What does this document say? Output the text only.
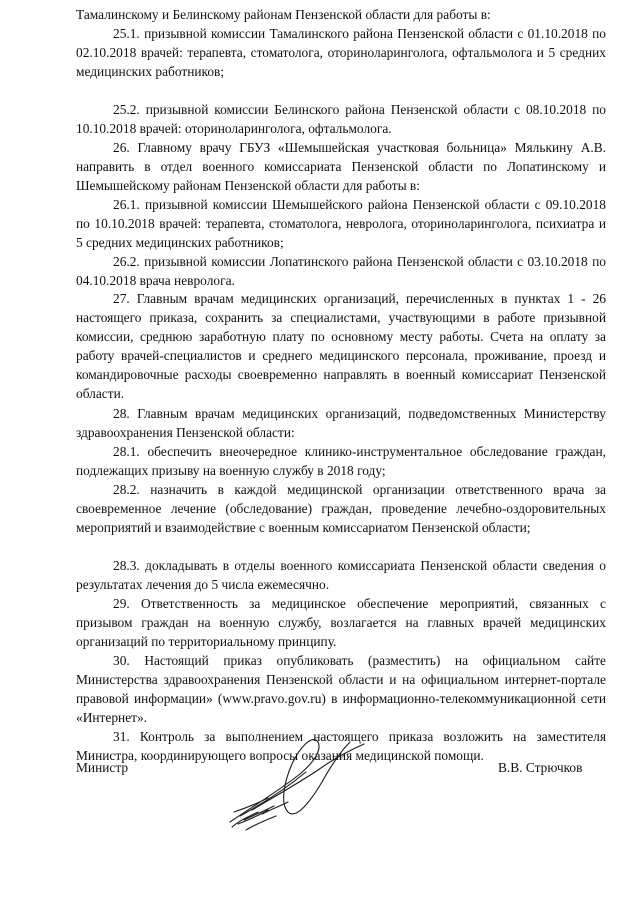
Тамалинскому и Белинскому районам Пензенской области для работы в:
25.1. призывной комиссии Тамалинского района Пензенской области с 01.10.2018 по 02.10.2018 врачей: терапевта, стоматолога, оториноларинголога, офтальмолога и 5 средних медицинских работников;
25.2. призывной комиссии Белинского района Пензенской области с 08.10.2018 по 10.10.2018 врачей: оториноларинголога, офтальмолога.
26. Главному врачу ГБУЗ «Шемышейская участковая больница» Мялькину А.В. направить в отдел военного комиссариата Пензенской области по Лопатинскому и Шемышейскому районам Пензенской области для работы в:
26.1. призывной комиссии Шемышейского района Пензенской области с 09.10.2018 по 10.10.2018 врачей: терапевта, стоматолога, невролога, оториноларинголога, психиатра и 5 средних медицинских работников;
26.2. призывной комиссии Лопатинского района Пензенской области с 03.10.2018 по 04.10.2018 врача невролога.
27. Главным врачам медицинских организаций, перечисленных в пунктах 1 - 26 настоящего приказа, сохранить за специалистами, участвующими в работе призывной комиссии, среднюю заработную плату по основному месту работы. Счета на оплату за работу врачей-специалистов и среднего медицинского персонала, проживание, проезд и командировочные расходы своевременно направлять в военный комиссариат Пензенской области.
28. Главным врачам медицинских организаций, подведомственных Министерству здравоохранения Пензенской области:
28.1. обеспечить внеочередное клинико-инструментальное обследование граждан, подлежащих призыву на военную службу в 2018 году;
28.2. назначить в каждой медицинской организации ответственного врача за своевременное лечение (обследование) граждан, проведение лечебно-оздоровительных мероприятий и взаимодействие с военным комиссариатом Пензенской области;
28.3. докладывать в отделы военного комиссариата Пензенской области сведения о результатах лечения до 5 числа ежемесячно.
29. Ответственность за медицинское обеспечение мероприятий, связанных с призывом граждан на военную службу, возлагается на главных врачей медицинских организаций по территориальному принципу.
30. Настоящий приказ опубликовать (разместить) на официальном сайте Министерства здравоохранения Пензенской области и на официальном интернет-портале правовой информации» (www.pravo.gov.ru) в информационно-телекоммуникационной сети «Интернет».
31. Контроль за выполнением настоящего приказа возложить на заместителя Министра, координирующего вопросы оказания медицинской помощи.
Министр	В.В. Стрючков
